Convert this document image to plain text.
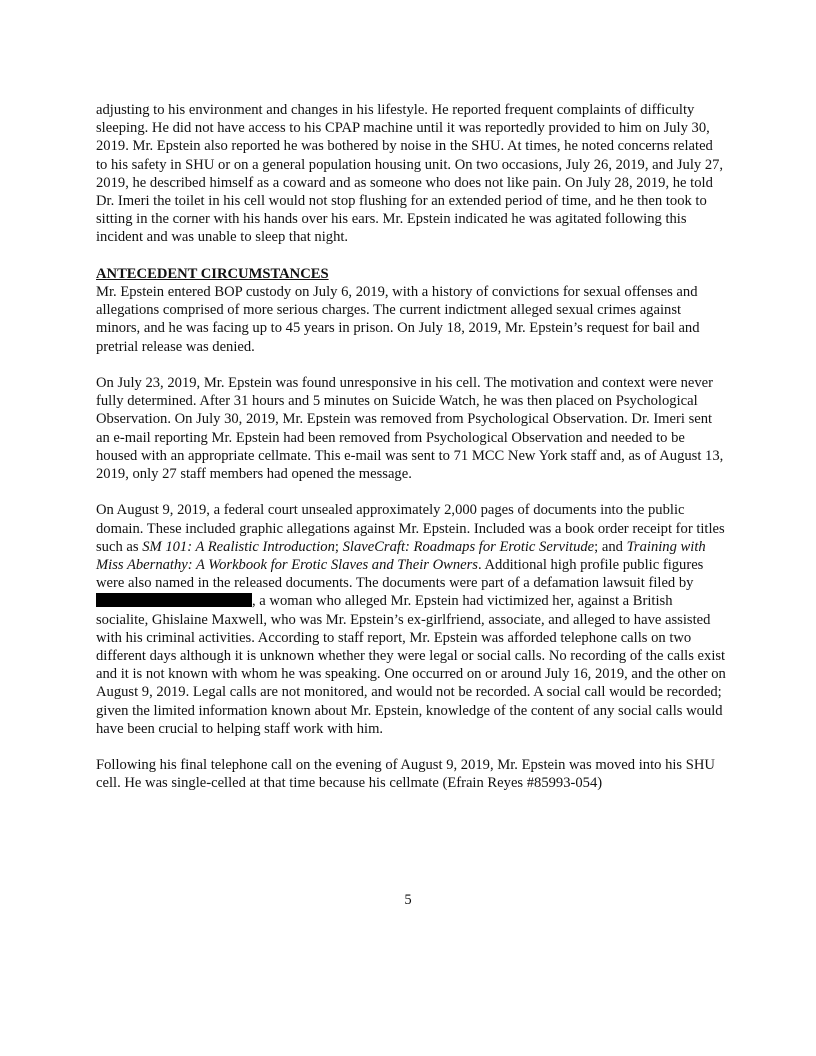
adjusting to his environment and changes in his lifestyle. He reported frequent complaints of difficulty sleeping. He did not have access to his CPAP machine until it was reportedly provided to him on July 30, 2019. Mr. Epstein also reported he was bothered by noise in the SHU. At times, he noted concerns related to his safety in SHU or on a general population housing unit. On two occasions, July 26, 2019, and July 27, 2019, he described himself as a coward and as someone who does not like pain. On July 28, 2019, he told Dr. Imeri the toilet in his cell would not stop flushing for an extended period of time, and he then took to sitting in the corner with his hands over his ears. Mr. Epstein indicated he was agitated following this incident and was unable to sleep that night.

ANTECEDENT CIRCUMSTANCES

Mr. Epstein entered BOP custody on July 6, 2019, with a history of convictions for sexual offenses and allegations comprised of more serious charges. The current indictment alleged sexual crimes against minors, and he was facing up to 45 years in prison. On July 18, 2019, Mr. Epstein’s request for bail and pretrial release was denied.

On July 23, 2019, Mr. Epstein was found unresponsive in his cell. The motivation and context were never fully determined. After 31 hours and 5 minutes on Suicide Watch, he was then placed on Psychological Observation. On July 30, 2019, Mr. Epstein was removed from Psychological Observation. Dr. Imeri sent an e-mail reporting Mr. Epstein had been removed from Psychological Observation and needed to be housed with an appropriate cellmate. This e-mail was sent to 71 MCC New York staff and, as of August 13, 2019, only 27 staff members had opened the message.

On August 9, 2019, a federal court unsealed approximately 2,000 pages of documents into the public domain. These included graphic allegations against Mr. Epstein. Included was a book order receipt for titles such as SM 101: A Realistic Introduction; SlaveCraft: Roadmaps for Erotic Servitude; and Training with Miss Abernathy: A Workbook for Erotic Slaves and Their Owners. Additional high profile public figures were also named in the released documents. The documents were part of a defamation lawsuit filed by , a woman who alleged Mr. Epstein had victimized her, against a British socialite, Ghislaine Maxwell, who was Mr. Epstein’s ex-girlfriend, associate, and alleged to have assisted with his criminal activities. According to staff report, Mr. Epstein was afforded telephone calls on two different days although it is unknown whether they were legal or social calls. No recording of the calls exist and it is not known with whom he was speaking. One occurred on or around July 16, 2019, and the other on August 9, 2019. Legal calls are not monitored, and would not be recorded. A social call would be recorded; given the limited information known about Mr. Epstein, knowledge of the content of any social calls would have been crucial to helping staff work with him.

Following his final telephone call on the evening of August 9, 2019, Mr. Epstein was moved into his SHU cell. He was single-celled at that time because his cellmate (Efrain Reyes #85993-054)

5
